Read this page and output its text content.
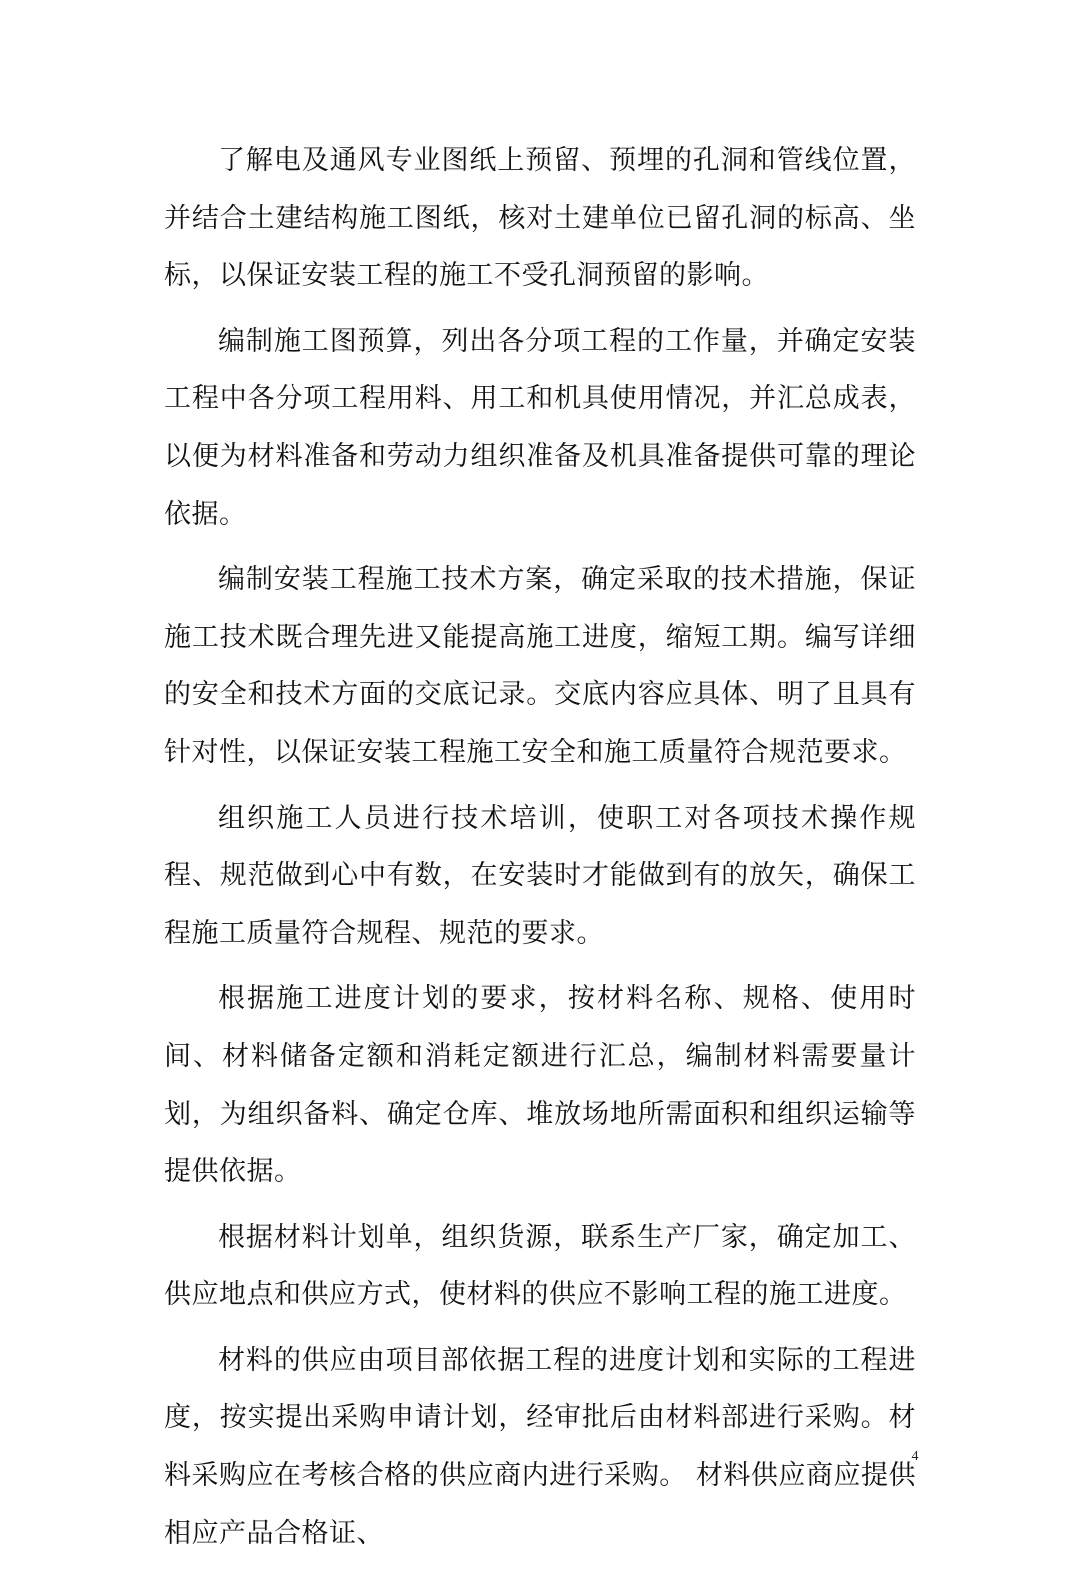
了解电及通风专业图纸上预留、预埋的孔洞和管线位置，并结合土建结构施工图纸，核对土建单位已留孔洞的标高、坐标，以保证安装工程的施工不受孔洞预留的影响。

编制施工图预算，列出各分项工程的工作量，并确定安装工程中各分项工程用料、用工和机具使用情况，并汇总成表，以便为材料准备和劳动力组织准备及机具准备提供可靠的理论依据。

编制安装工程施工技术方案，确定采取的技术措施，保证施工技术既合理先进又能提高施工进度，缩短工期。编写详细的安全和技术方面的交底记录。交底内容应具体、明了且具有针对性，以保证安装工程施工安全和施工质量符合规范要求。

组织施工人员进行技术培训，使职工对各项技术操作规程、规范做到心中有数，在安装时才能做到有的放矢，确保工程施工质量符合规程、规范的要求。

根据施工进度计划的要求，按材料名称、规格、使用时间、材料储备定额和消耗定额进行汇总，编制材料需要量计划，为组织备料、确定仓库、堆放场地所需面积和组织运输等提供依据。

根据材料计划单，组织货源，联系生产厂家，确定加工、供应地点和供应方式，使材料的供应不影响工程的施工进度。

材料的供应由项目部依据工程的进度计划和实际的工程进度，按实提出采购申请计划，经审批后由材料部进行采购。材料采购应在考核合格的供应商内进行采购。 材料供应商应提供相应产品合格证、

4
